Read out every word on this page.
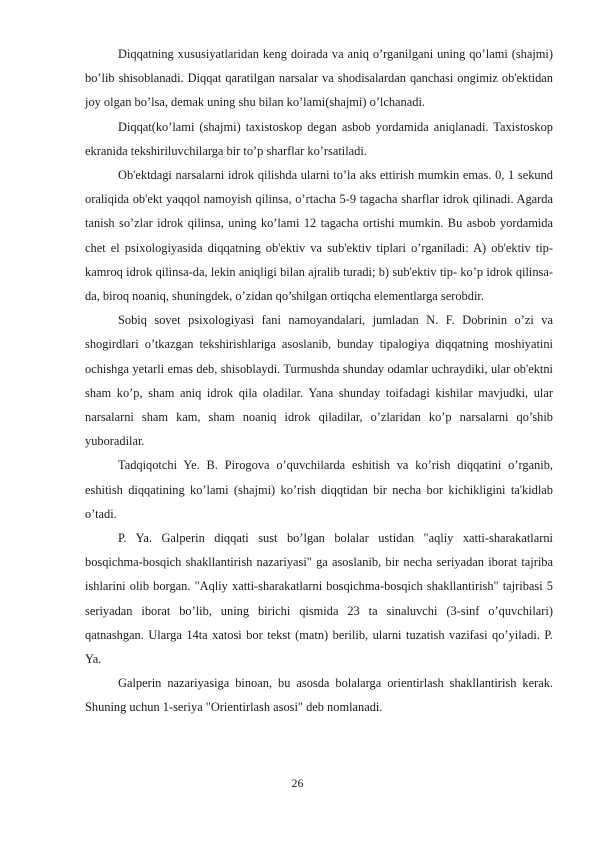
Diqqatning xususiyatlaridan keng doirada va aniq o’rganilgani uning qo’lami (shajmi) bo’lib shisoblanadi. Diqqat qaratilgan narsalar va shodisalardan qanchasi ongimiz ob'ektidan joy olgan bo’lsa, demak uning shu bilan ko’lami(shajmi) o’lchanadi.

Diqqat(ko’lami (shajmi) taxistoskop degan asbob yordamida aniqlanadi. Taxistoskop ekranida tekshiriluvchilarga bir to’p sharflar ko’rsatiladi.

Ob'ektdagi narsalarni idrok qilishda ularni to’la aks ettirish mumkin emas. 0, 1 sekund oraliqida ob'ekt yaqqol namoyish qilinsa, o’rtacha 5-9 tagacha sharflar idrok qilinadi. Agarda tanish so’zlar idrok qilinsa, uning ko’lami 12 tagacha ortishi mumkin. Bu asbob yordamida chet el psixologiyasida diqqatning ob'ektiv va sub'ektiv tiplari o’rganiladi: A) ob'ektiv tip-kamroq idrok qilinsa-da, lekin aniqligi bilan ajralib turadi; b) sub'ektiv tip- ko’p idrok qilinsa-da, biroq noaniq, shuningdek, o’zidan qo’shilgan ortiqcha elementlarga serobdir.

Sobiq sovet psixologiyasi fani namoyandalari, jumladan N. F. Dobrinin o’zi va shogirdlari o’tkazgan tekshirishlariga asoslanib, bunday tipalogiya diqqatning moshiyatini ochishga yetarli emas deb, shisoblaydi. Turmushda shunday odamlar uchraydiki, ular ob'ektni sham ko’p, sham aniq idrok qila oladilar. Yana shunday toifadagi kishilar mavjudki, ular narsalarni sham kam, sham noaniq idrok qiladilar, o’zlaridan ko’p narsalarni qo’shib yuboradilar.

Tadqiqotchi Ye. B. Pirogova o’quvchilarda eshitish va ko’rish diqqatini o’rganib, eshitish diqqatining ko’lami (shajmi) ko’rish diqqtidan bir necha bor kichikligini ta'kidlab o’tadi.

P. Ya. Galperin diqqati sust bo’lgan bolalar ustidan "aqliy xatti-sharakatlarni bosqichma-bosqich shakllantirish nazariyasi" ga asoslanib, bir necha seriyadan iborat tajriba ishlarini olib borgan. "Aqliy xatti-sharakatlarni bosqichma-bosqich shakllantirish" tajribasi 5 seriyadan iborat bo’lib, uning birichi qismida 23 ta sinaluvchi (3-sinf o’quvchilari) qatnashgan. Ularga 14ta xatosi bor tekst (matn) berilib, ularni tuzatish vazifasi qo’yiladi. P. Ya.

Galperin nazariyasiga binoan, bu asosda bolalarga orientirlash shakllantirish kerak. Shuning uchun 1-seriya "Orientirlash asosi" deb nomlanadi.

26
